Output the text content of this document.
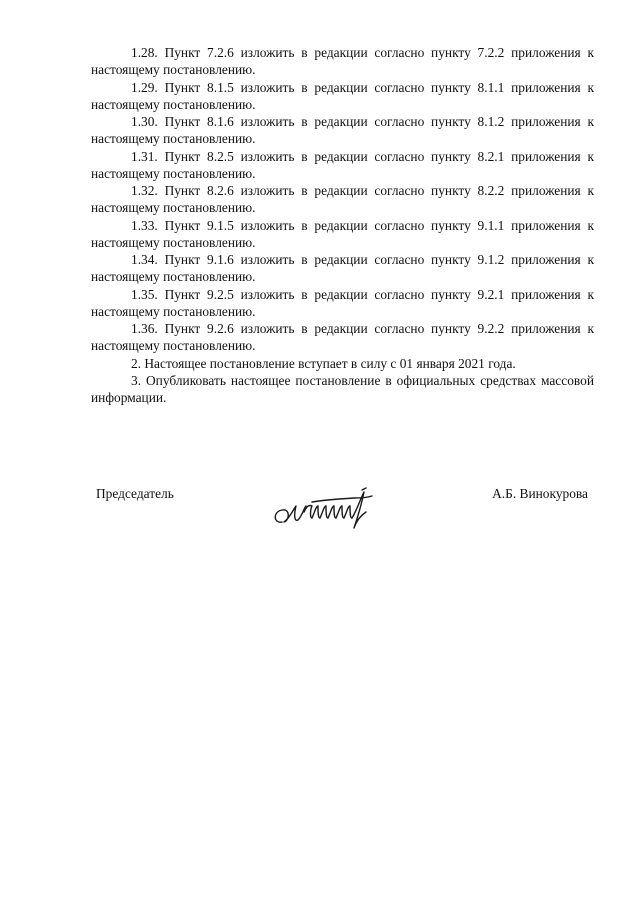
1.28. Пункт 7.2.6 изложить в редакции согласно пункту 7.2.2 приложения к настоящему постановлению.

1.29. Пункт 8.1.5 изложить в редакции согласно пункту 8.1.1 приложения к настоящему постановлению.

1.30. Пункт 8.1.6 изложить в редакции согласно пункту 8.1.2 приложения к настоящему постановлению.

1.31. Пункт 8.2.5 изложить в редакции согласно пункту 8.2.1 приложения к настоящему постановлению.

1.32. Пункт 8.2.6 изложить в редакции согласно пункту 8.2.2 приложения к настоящему постановлению.

1.33. Пункт 9.1.5 изложить в редакции согласно пункту 9.1.1 приложения к настоящему постановлению.

1.34. Пункт 9.1.6 изложить в редакции согласно пункту 9.1.2 приложения к настоящему постановлению.

1.35. Пункт 9.2.5 изложить в редакции согласно пункту 9.2.1 приложения к настоящему постановлению.

1.36. Пункт 9.2.6 изложить в редакции согласно пункту 9.2.2 приложения к настоящему постановлению.

2. Настоящее постановление вступает в силу с 01 января 2021 года.

3. Опубликовать настоящее постановление в официальных средствах массовой информации.

Председатель	А.Б. Винокурова
